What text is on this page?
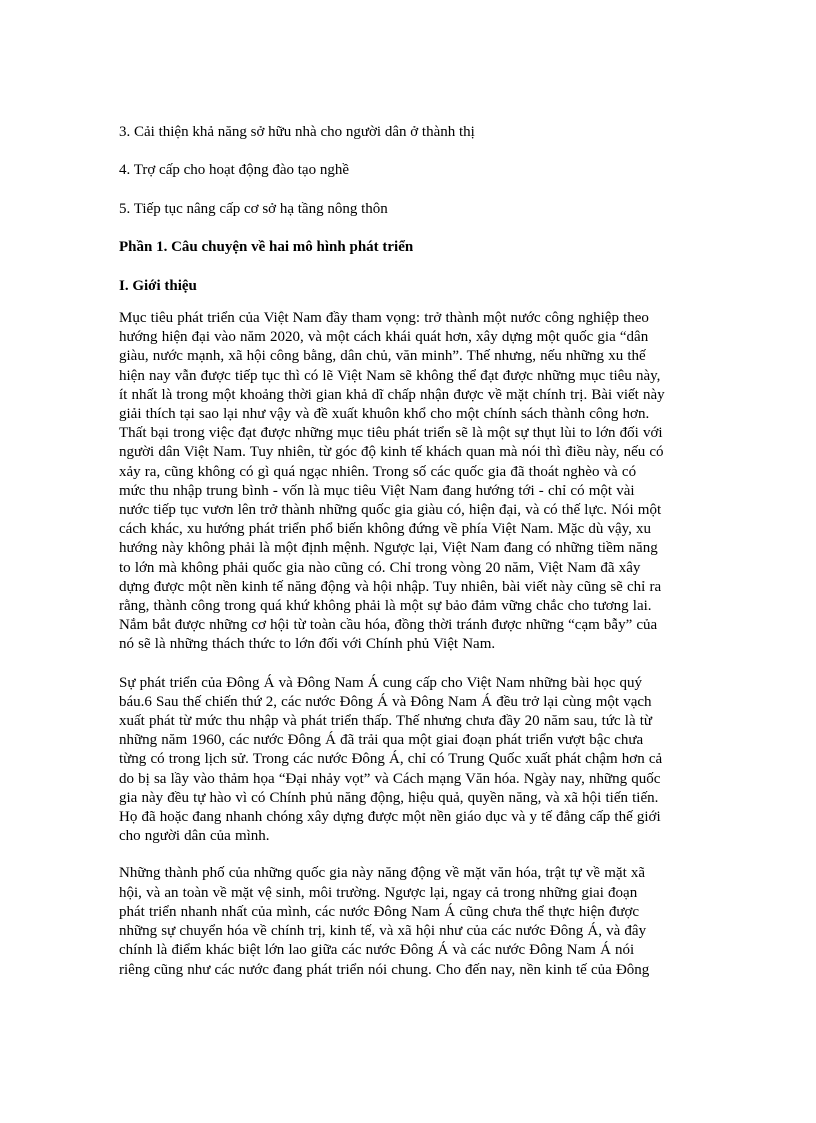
3. Cải thiện khả năng sở hữu nhà cho người dân ở thành thị

4. Trợ cấp cho hoạt động đào tạo nghề

5. Tiếp tục nâng cấp cơ sở hạ tầng nông thôn

Phần 1. Câu chuyện về hai mô hình phát triển

I. Giới thiệu

Mục tiêu phát triển của Việt Nam đầy tham vọng: trở thành một nước công nghiệp theo
hướng hiện đại vào năm 2020, và một cách khái quát hơn, xây dựng một quốc gia “dân
giàu, nước mạnh, xã hội công bằng, dân chủ, văn minh”. Thế nhưng, nếu những xu thế
hiện nay vẫn được tiếp tục thì có lẽ Việt Nam sẽ không thể đạt được những mục tiêu này,
ít nhất là trong một khoảng thời gian khả dĩ chấp nhận được về mặt chính trị. Bài viết này
giải thích tại sao lại như vậy và đề xuất khuôn khổ cho một chính sách thành công hơn.
Thất bại trong việc đạt được những mục tiêu phát triển sẽ là một sự thụt lùi to lớn đối với
người dân Việt Nam. Tuy nhiên, từ góc độ kinh tế khách quan mà nói thì điều này, nếu có
xảy ra, cũng không có gì quá ngạc nhiên. Trong số các quốc gia đã thoát nghèo và có
mức thu nhập trung bình - vốn là mục tiêu Việt Nam đang hướng tới - chỉ có một vài
nước tiếp tục vươn lên trở thành những quốc gia giàu có, hiện đại, và có thế lực. Nói một
cách khác, xu hướng phát triển phổ biến không đứng về phía Việt Nam. Mặc dù vậy, xu
hướng này không phải là một định mệnh. Ngược lại, Việt Nam đang có những tiềm năng
to lớn mà không phải quốc gia nào cũng có. Chỉ trong vòng 20 năm, Việt Nam đã xây
dựng được một nền kinh tế năng động và hội nhập. Tuy nhiên, bài viết này cũng sẽ chỉ ra
rằng, thành công trong quá khứ không phải là một sự bảo đảm vững chắc cho tương lai.
Nắm bắt được những cơ hội từ toàn cầu hóa, đồng thời tránh được những “cạm bẫy” của
nó sẽ là những thách thức to lớn đối với Chính phủ Việt Nam.

Sự phát triển của Đông Á và Đông Nam Á cung cấp cho Việt Nam những bài học quý
báu.6 Sau thế chiến thứ 2, các nước Đông Á và Đông Nam Á đều trở lại cùng một vạch
xuất phát từ mức thu nhập và phát triển thấp. Thế nhưng chưa đầy 20 năm sau, tức là từ
những năm 1960, các nước Đông Á đã trải qua một giai đoạn phát triển vượt bậc chưa
từng có trong lịch sử. Trong các nước Đông Á, chỉ có Trung Quốc xuất phát chậm hơn cả
do bị sa lầy vào thảm họa “Đại nhảy vọt” và Cách mạng Văn hóa. Ngày nay, những quốc
gia này đều tự hào vì có Chính phủ năng động, hiệu quả, quyền năng, và xã hội tiến tiến.
Họ đã hoặc đang nhanh chóng xây dựng được một nền giáo dục và y tế đẳng cấp thế giới
cho người dân của mình.

Những thành phố của những quốc gia này năng động về mặt văn hóa, trật tự về mặt xã
hội, và an toàn về mặt vệ sinh, môi trường. Ngược lại, ngay cả trong những giai đoạn
phát triển nhanh nhất của mình, các nước Đông Nam Á cũng chưa thể thực hiện được
những sự chuyển hóa về chính trị, kinh tế, và xã hội như của các nước Đông Á, và đây
chính là điểm khác biệt lớn lao giữa các nước Đông Á và các nước Đông Nam Á nói
riêng cũng như các nước đang phát triển nói chung. Cho đến nay, nền kinh tế của Đông
